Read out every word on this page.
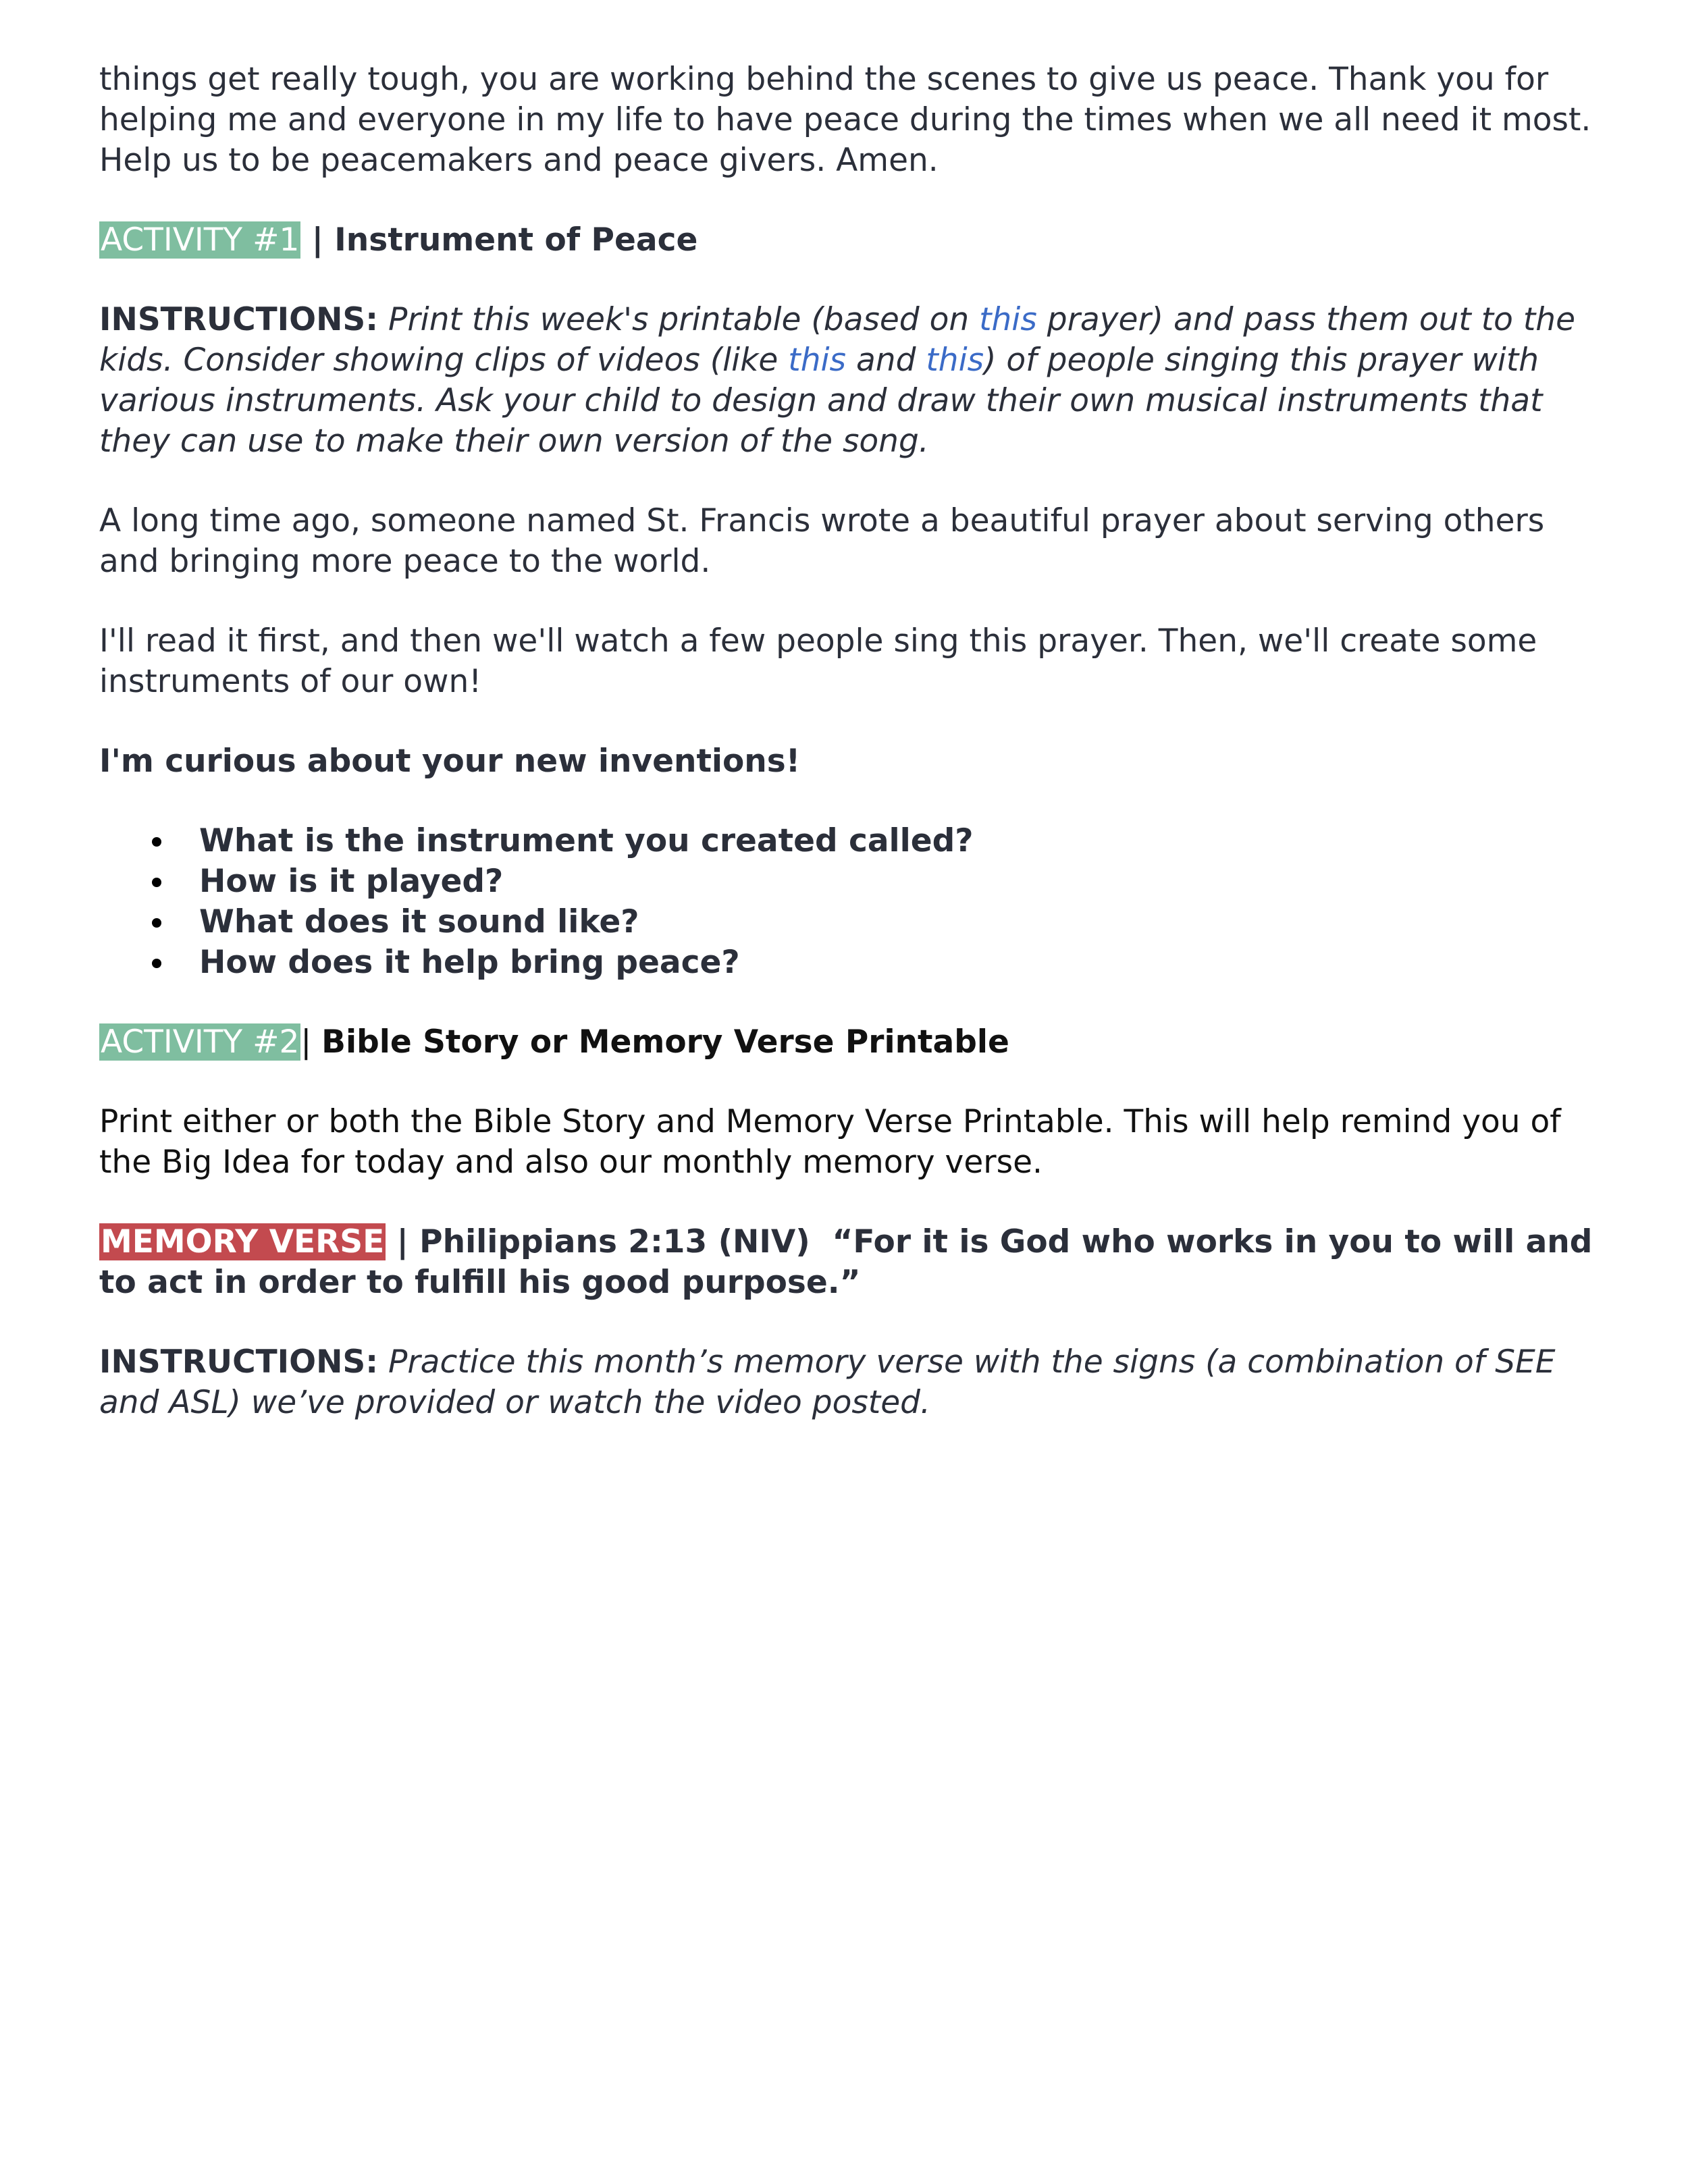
things get really tough, you are working behind the scenes to give us peace. Thank you for helping me and everyone in my life to have peace during the times when we all need it most. Help us to be peacemakers and peace givers. Amen.

ACTIVITY #1 | Instrument of Peace

INSTRUCTIONS: Print this week's printable (based on this prayer) and pass them out to the kids. Consider showing clips of videos (like this and this) of people singing this prayer with various instruments. Ask your child to design and draw their own musical instruments that they can use to make their own version of the song.

A long time ago, someone named St. Francis wrote a beautiful prayer about serving others and bringing more peace to the world.

I'll read it first, and then we'll watch a few people sing this prayer. Then, we'll create some instruments of our own!

I'm curious about your new inventions!

What is the instrument you created called?
How is it played?
What does it sound like?
How does it help bring peace?

ACTIVITY #2| Bible Story or Memory Verse Printable

Print either or both the Bible Story and Memory Verse Printable. This will help remind you of the Big Idea for today and also our monthly memory verse.

MEMORY VERSE | Philippians 2:13 (NIV) “For it is God who works in you to will and to act in order to fulfill his good purpose.”

INSTRUCTIONS: Practice this month’s memory verse with the signs (a combination of SEE and ASL) we’ve provided or watch the video posted.
